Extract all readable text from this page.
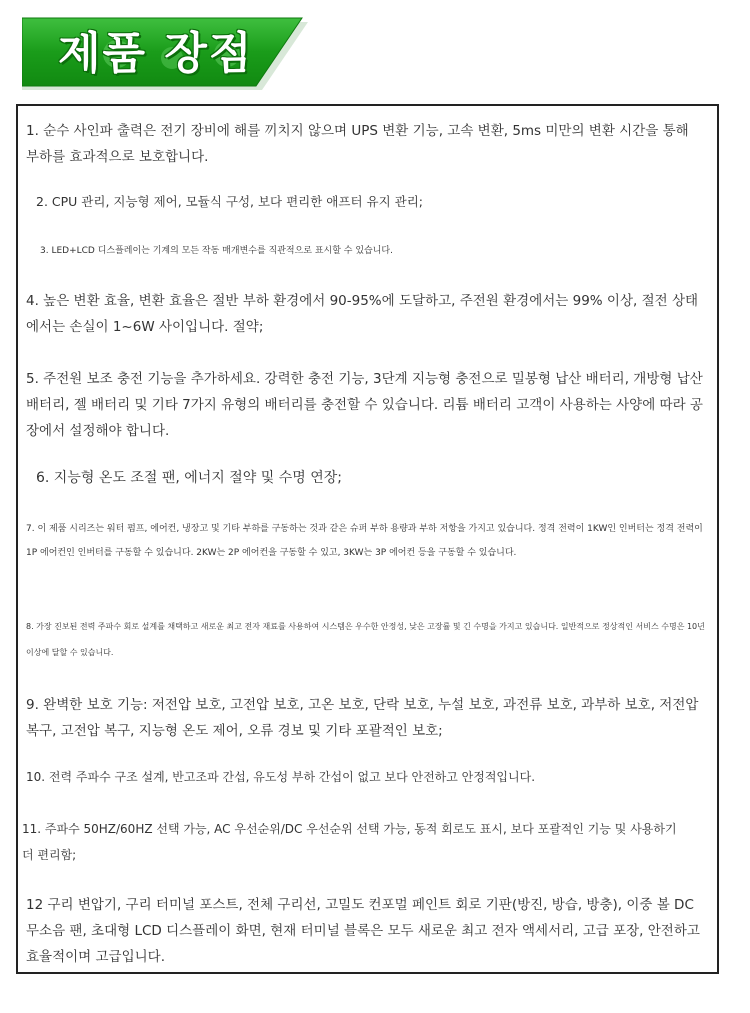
제품 장점

1. 순수 사인파 출력은 전기 장비에 해를 끼치지 않으며 UPS 변환 기능, 고속 변환, 5ms 미만의 변환 시간을 통해 부하를 효과적으로 보호합니다.

2. CPU 관리, 지능형 제어, 모듈식 구성, 보다 편리한 애프터 유지 관리;

3. LED+LCD 디스플레이는 기계의 모든 작동 매개변수를 직관적으로 표시할 수 있습니다.

4. 높은 변환 효율, 변환 효율은 절반 부하 환경에서 90-95%에 도달하고, 주전원 환경에서는 99% 이상, 절전 상태에서는 손실이 1~6W 사이입니다. 절약;

5. 주전원 보조 충전 기능을 추가하세요. 강력한 충전 기능, 3단계 지능형 충전으로 밀봉형 납산 배터리, 개방형 납산 배터리, 젤 배터리 및 기타 7가지 유형의 배터리를 충전할 수 있습니다. 리튬 배터리 고객이 사용하는 사양에 따라 공장에서 설정해야 합니다.

6. 지능형 온도 조절 팬, 에너지 절약 및 수명 연장;

7. 이 제품 시리즈는 워터 펌프, 에어컨, 냉장고 및 기타 부하를 구동하는 것과 같은 슈퍼 부하 용량과 부하 저항을 가지고 있습니다. 정격 전력이 1KW인 인버터는 정격 전력이 1P 에어컨인 인버터를 구동할 수 있습니다. 2KW는 2P 에어컨을 구동할 수 있고, 3KW는 3P 에어컨 등을 구동할 수 있습니다.

8. 가장 진보된 전력 주파수 회로 설계를 채택하고 새로운 최고 전자 재료를 사용하여 시스템은 우수한 안정성, 낮은 고장률 및 긴 수명을 가지고 있습니다. 일반적으로 정상적인 서비스 수명은 10년 이상에 달할 수 있습니다.

9. 완벽한 보호 기능: 저전압 보호, 고전압 보호, 고온 보호, 단락 보호, 누설 보호, 과전류 보호, 과부하 보호, 저전압 복구, 고전압 복구, 지능형 온도 제어, 오류 경보 및 기타 포괄적인 보호;

10. 전력 주파수 구조 설계, 반고조파 간섭, 유도성 부하 간섭이 없고 보다 안전하고 안정적입니다.

11. 주파수 50HZ/60HZ 선택 가능, AC 우선순위/DC 우선순위 선택 가능, 동적 회로도 표시, 보다 포괄적인 기능 및 사용하기 더 편리함;

12 구리 변압기, 구리 터미널 포스트, 전체 구리선, 고밀도 컨포멀 페인트 회로 기판(방진, 방습, 방충), 이중 볼 DC 무소음 팬, 초대형 LCD 디스플레이 화면, 현재 터미널 블록은 모두 새로운 최고 전자 액세서리, 고급 포장, 안전하고 효율적이며 고급입니다.
